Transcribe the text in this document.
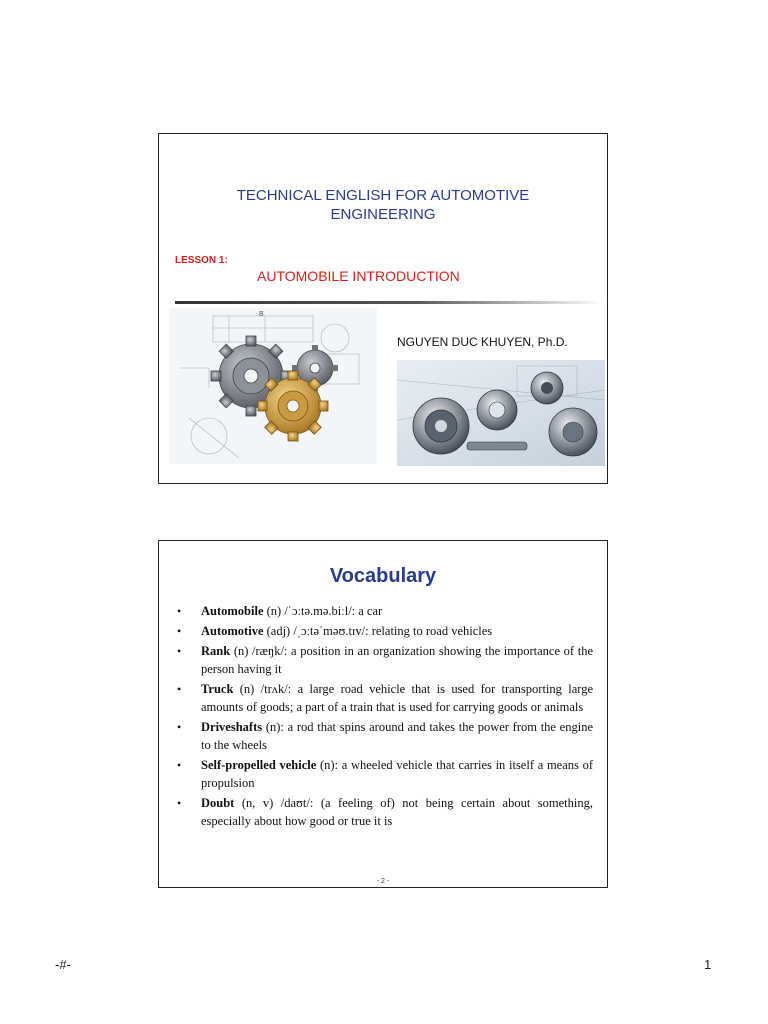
TECHNICAL ENGLISH FOR AUTOMOTIVE
ENGINEERING
LESSON 1:
AUTOMOBILE INTRODUCTION
B
NGUYEN DUC KHUYEN, Ph.D.
Vocabulary
• Automobile (n) /ˈɔːtə.mə.biːl/: a car
• Automotive (adj) /ˌɔːtəˈməʊ.tɪv/: relating to road vehicles
• Rank (n) /ræŋk/: a position in an organization showing the importance of the person having it
• Truck (n) /trʌk/: a large road vehicle that is used for transporting large amounts of goods; a part of a train that is used for carrying goods or animals
• Driveshafts (n): a rod that spins around and takes the power from the engine to the wheels
• Self-propelled vehicle (n): a wheeled vehicle that carries in itself a means of propulsion
• Doubt (n, v) /daʊt/: (a feeling of) not being certain about something, especially about how good or true it is
- 2 -
-#-	1
